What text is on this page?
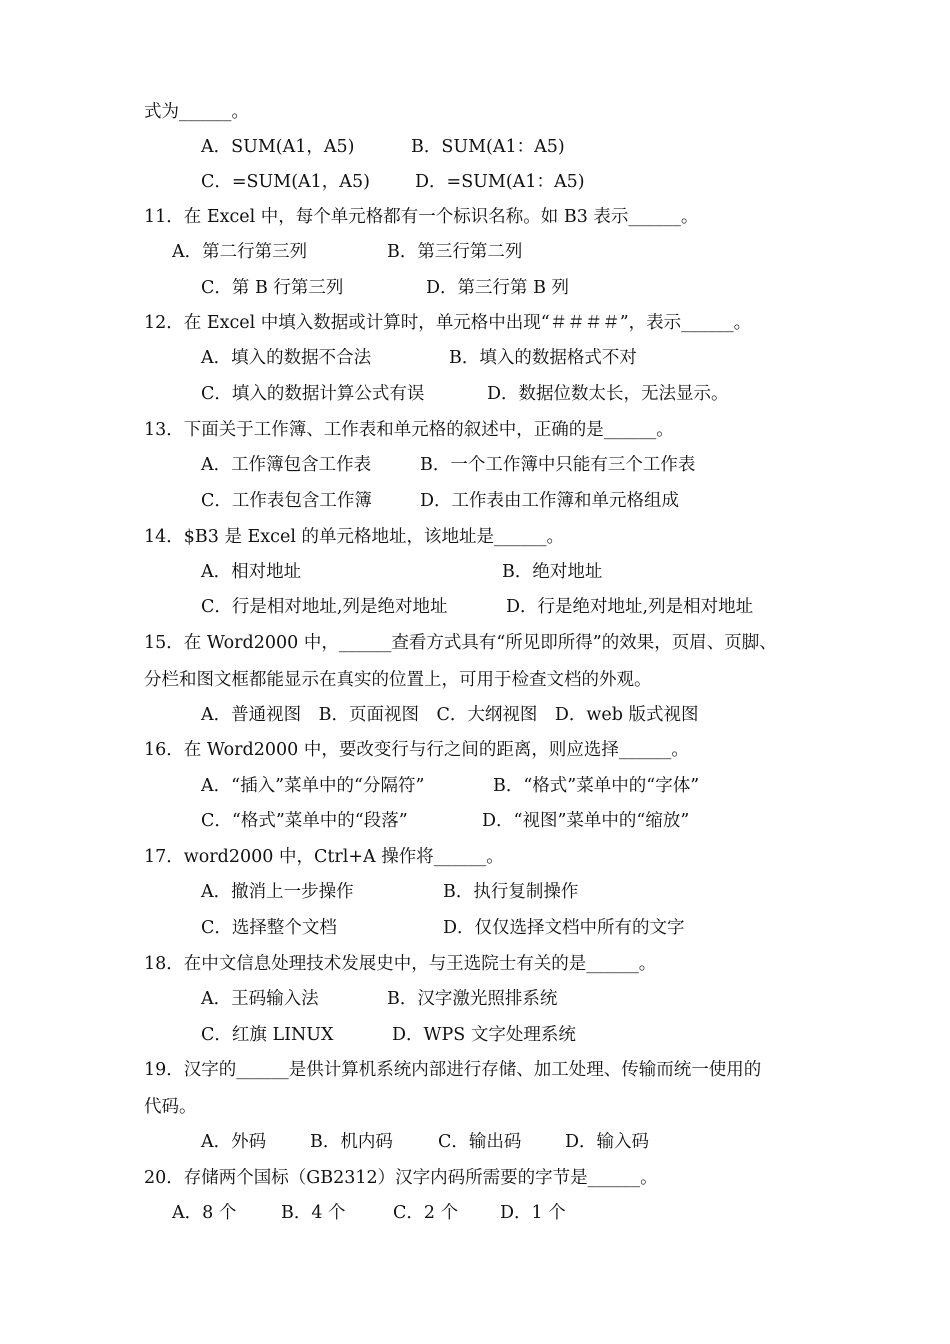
式为______。
A．SUM(A1，A5)	B．SUM(A1：A5)
C．=SUM(A1，A5)	D．=SUM(A1：A5)
11．在 Excel 中，每个单元格都有一个标识名称。如 B3 表示______。
A．第二行第三列	B．第三行第二列
C．第 B 行第三列	D．第三行第 B 列
12．在 Excel 中填入数据或计算时，单元格中出现“＃＃＃＃”，表示______。
A．填入的数据不合法	B．填入的数据格式不对
C．填入的数据计算公式有误	D．数据位数太长，无法显示。
13．下面关于工作簿、工作表和单元格的叙述中，正确的是______。
A．工作簿包含工作表	B．一个工作簿中只能有三个工作表
C．工作表包含工作簿	D．工作表由工作簿和单元格组成
14．$B3 是 Excel 的单元格地址，该地址是______。
A．相对地址	B．绝对地址
C．行是相对地址,列是绝对地址	D．行是绝对地址,列是相对地址
15．在 Word2000 中，______查看方式具有“所见即所得”的效果，页眉、页脚、
分栏和图文框都能显示在真实的位置上，可用于检查文档的外观。
A．普通视图　B．页面视图　C．大纲视图　D．web 版式视图
16．在 Word2000 中，要改变行与行之间的距离，则应选择______。
A．“插入”菜单中的“分隔符”	B．“格式”菜单中的“字体”
C．“格式”菜单中的“段落”	D．“视图”菜单中的“缩放”
17．word2000 中，Ctrl+A 操作将______。
A．撤消上一步操作	B．执行复制操作
C．选择整个文档	D．仅仅选择文档中所有的文字
18．在中文信息处理技术发展史中，与王选院士有关的是______。
A．王码输入法	B．汉字激光照排系统
C．红旗 LINUX	D．WPS 文字处理系统
19．汉字的______是供计算机系统内部进行存储、加工处理、传输而统一使用的
代码。
A．外码	B．机内码	C．输出码 D．输入码
20．存储两个国标（GB2312）汉字内码所需要的字节是______。
A．8 个	B．4 个	C．2 个 D．1 个
